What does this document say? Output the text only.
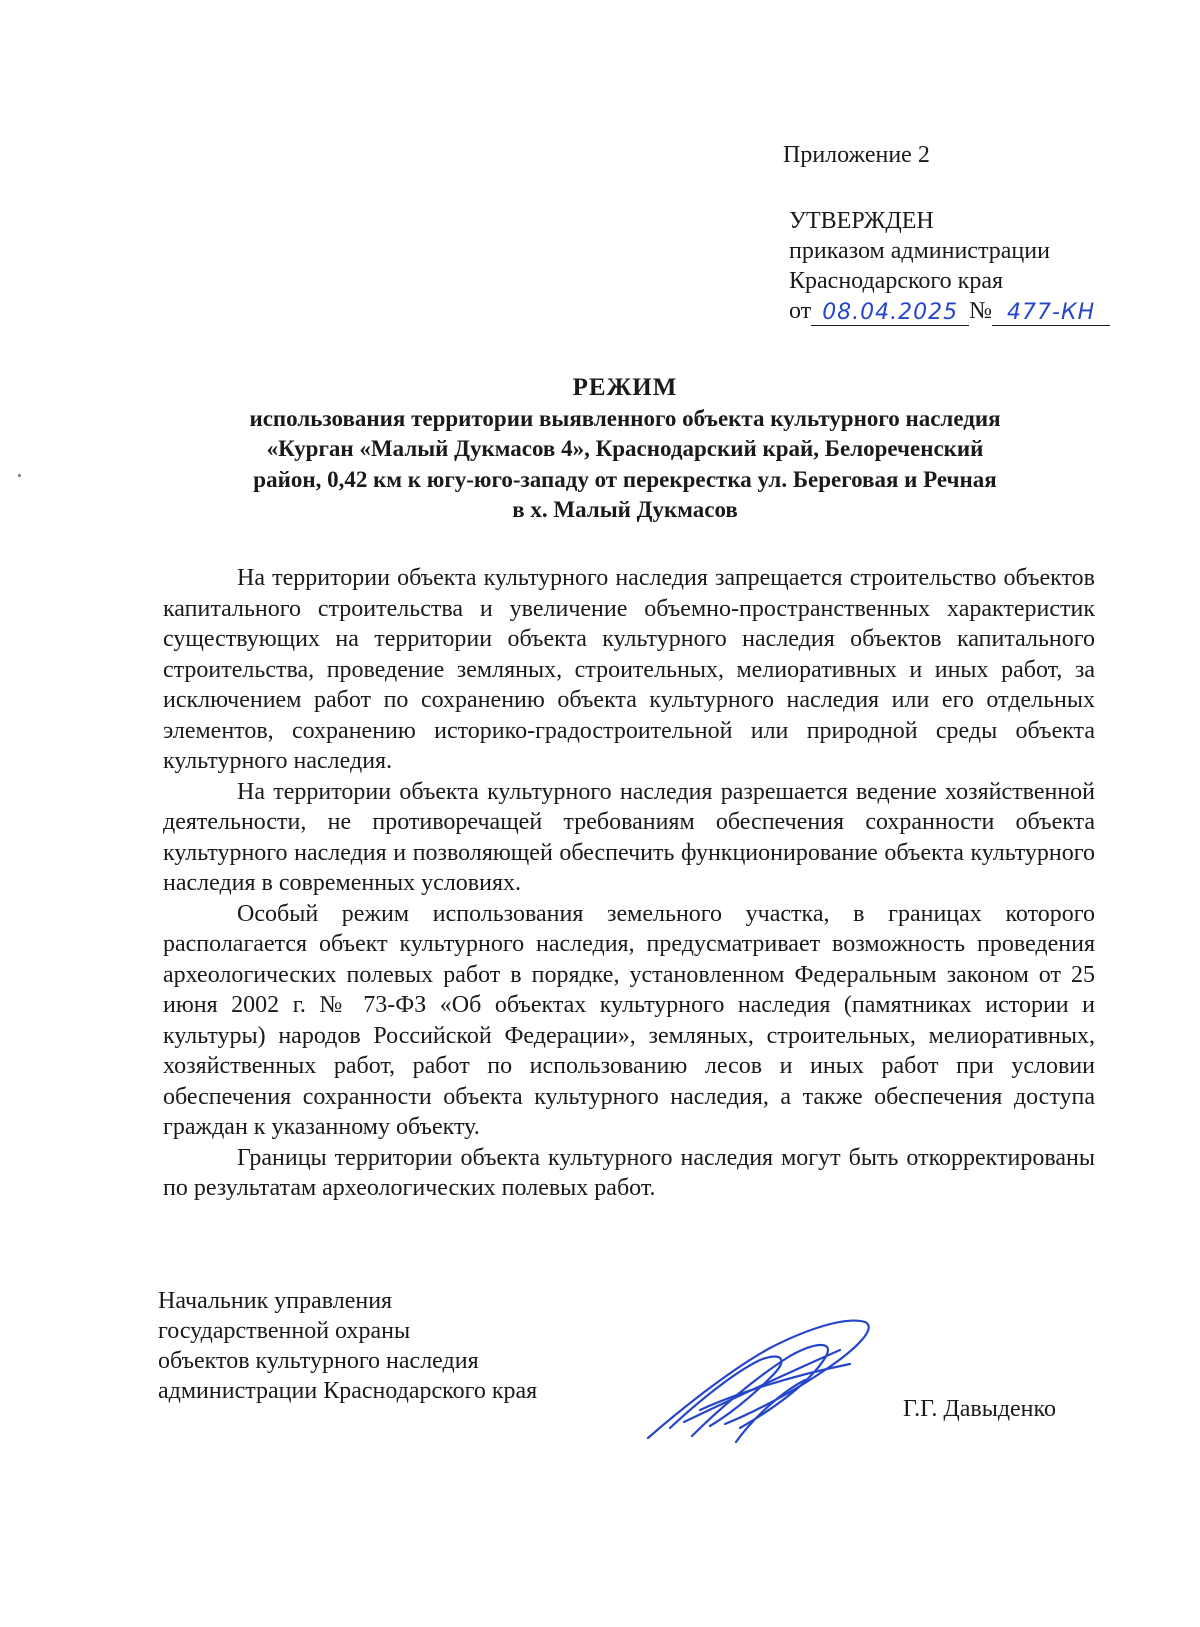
Приложение 2
УТВЕРЖДЕН
приказом администрации
Краснодарского края
от 08.04.2025 № 477-КН
РЕЖИМ
использования территории выявленного объекта культурного наследия
«Курган «Малый Дукмасов 4», Краснодарский край, Белореченский
район, 0,42 км к югу-юго-западу от перекрестка ул. Береговая и Речная
в х. Малый Дукмасов

На территории объекта культурного наследия запрещается строительство объектов капитального строительства и увеличение объемно-пространственных характеристик существующих на территории объекта культурного наследия объектов капитального строительства, проведение земляных, строительных, мелиоративных и иных работ, за исключением работ по сохранению объекта культурного наследия или его отдельных элементов, сохранению историко-градостроительной или природной среды объекта культурного наследия.

На территории объекта культурного наследия разрешается ведение хозяйственной деятельности, не противоречащей требованиям обеспечения сохранности объекта культурного наследия и позволяющей обеспечить функционирование объекта культурного наследия в современных условиях.

Особый режим использования земельного участка, в границах которого располагается объект культурного наследия, предусматривает возможность проведения археологических полевых работ в порядке, установленном Федеральным законом от 25 июня 2002 г. № 73-ФЗ «Об объектах культурного наследия (памятниках истории и культуры) народов Российской Федерации», земляных, строительных, мелиоративных, хозяйственных работ, работ по использованию лесов и иных работ при условии обеспечения сохранности объекта культурного наследия, а также обеспечения доступа граждан к указанному объекту.

Границы территории объекта культурного наследия могут быть откорректированы по результатам археологических полевых работ.

Начальник управления
государственной охраны
объектов культурного наследия
администрации Краснодарского края
Г.Г. Давыденко
